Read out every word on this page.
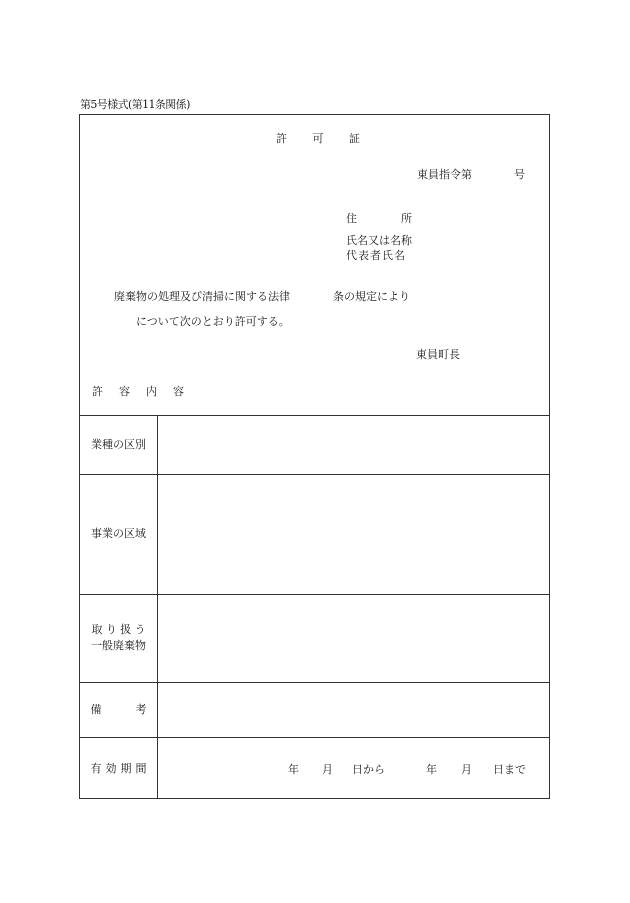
第5号様式(第11条関係)
許 可 証
東員指令第	号
住	所
氏名又は名称
代表者氏名
廃棄物の処理及び清掃に関する法律	条の規定により
について次のとおり許可する。
東員町長
許 容 内 容
業種の区別
事業の区域
取 り 扱 う
一般廃棄物
備	考
有 効 期 間	年 月 日から	年 月 日まで
